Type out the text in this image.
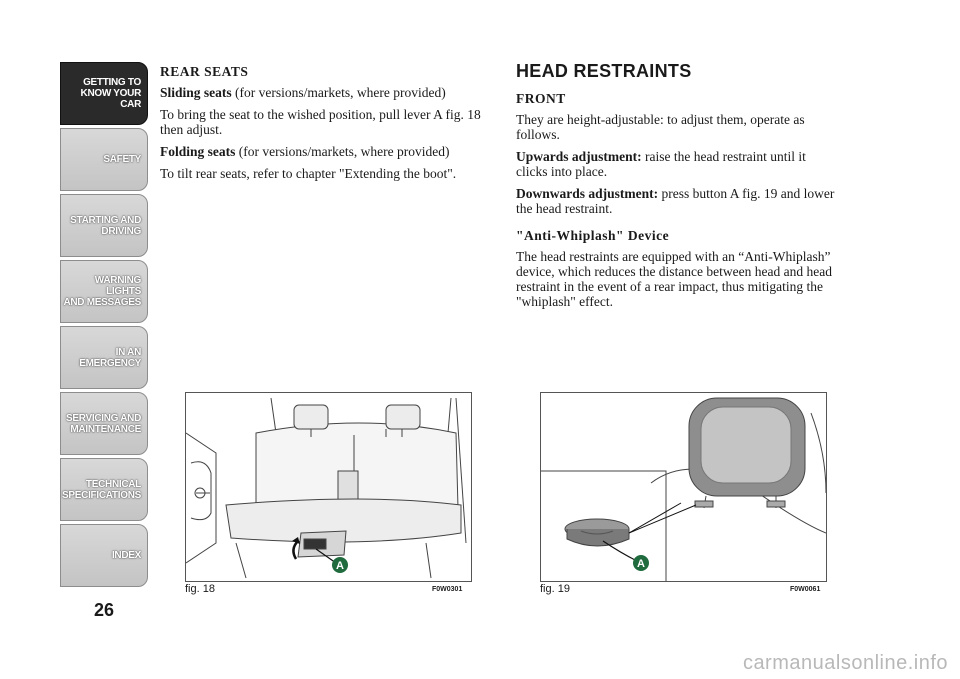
GETTING TO
KNOW YOUR CAR
SAFETY
STARTING AND
DRIVING
WARNING LIGHTS
AND MESSAGES
IN AN EMERGENCY
SERVICING AND
MAINTENANCE
TECHNICAL
SPECIFICATIONS
INDEX
26

REAR SEATS

Sliding seats (for versions/markets, where provided)

To bring the seat to the wished position, pull lever A fig. 18 then adjust.

Folding seats (for versions/markets, where provided)

To tilt rear seats, refer to chapter "Extending the boot".

HEAD RESTRAINTS

FRONT

They are height-adjustable: to adjust them, operate as follows.

Upwards adjustment: raise the head restraint until it clicks into place.

Downwards adjustment: press button A fig. 19 and lower the head restraint.

"Anti-Whiplash" Device

The head restraints are equipped with an “Anti-Whiplash” device, which reduces the distance between head and head restraint in the event of a rear impact, thus mitigating the "whiplash" effect.

A
fig. 18	F0W0301
A
fig. 19	F0W0061
carmanualsonline.info
